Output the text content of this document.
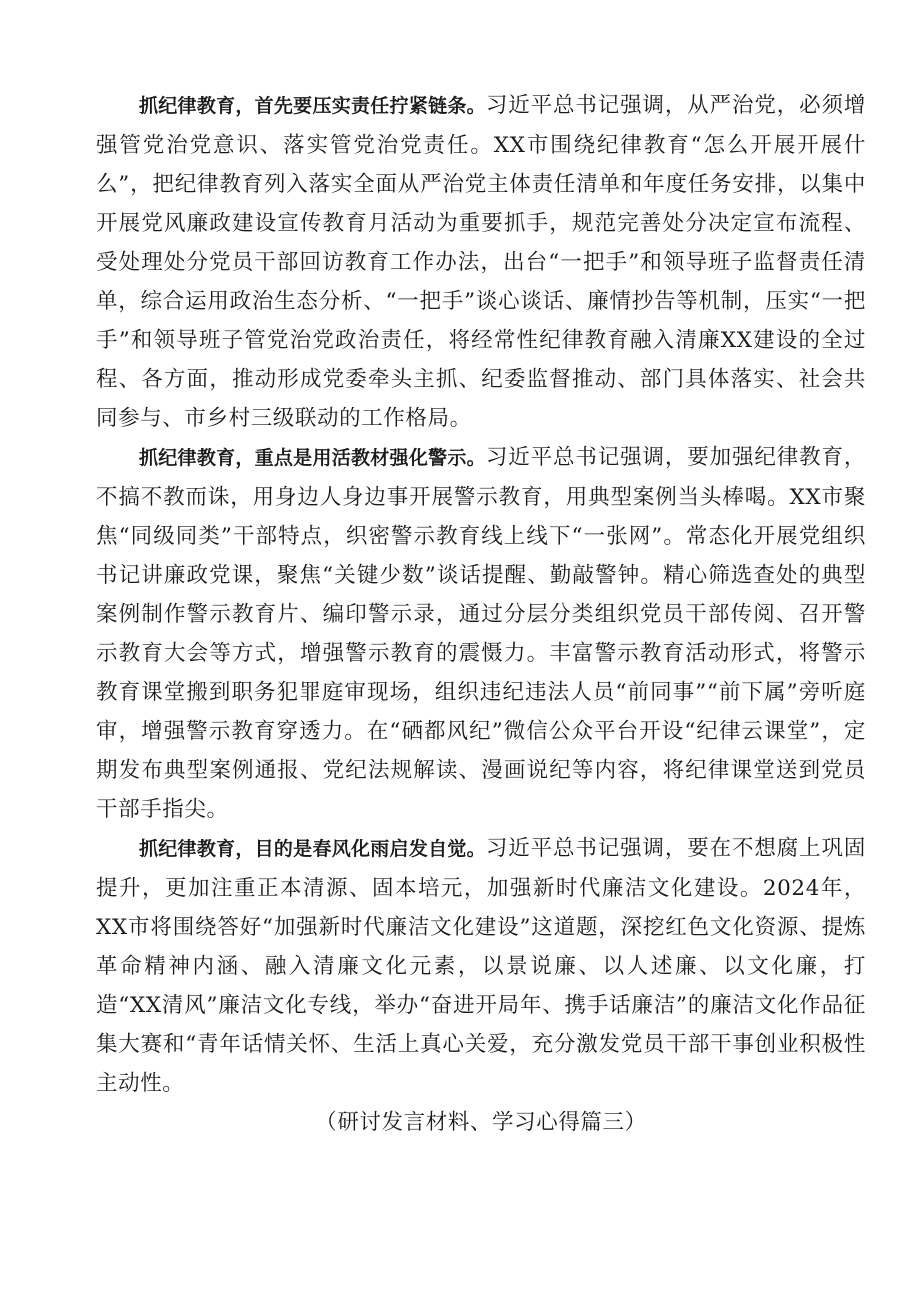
抓纪律教育，首先要压实责任拧紧链条。习近平总书记强调，从严治党，必须增强管党治党意识、落实管党治党责任。XX市围绕纪律教育“怎么开展开展什么”，把纪律教育列入落实全面从严治党主体责任清单和年度任务安排，以集中开展党风廉政建设宣传教育月活动为重要抓手，规范完善处分决定宣布流程、受处理处分党员干部回访教育工作办法，出台“一把手”和领导班子监督责任清单，综合运用政治生态分析、“一把手”谈心谈话、廉情抄告等机制，压实“一把手”和领导班子管党治党政治责任，将经常性纪律教育融入清廉XX建设的全过程、各方面，推动形成党委牵头主抓、纪委监督推动、部门具体落实、社会共同参与、市乡村三级联动的工作格局。

抓纪律教育，重点是用活教材强化警示。习近平总书记强调，要加强纪律教育，不搞不教而诛，用身边人身边事开展警示教育，用典型案例当头棒喝。XX市聚焦“同级同类”干部特点，织密警示教育线上线下“一张网”。常态化开展党组织书记讲廉政党课，聚焦“关键少数”谈话提醒、勤敲警钟。精心筛选查处的典型案例制作警示教育片、编印警示录，通过分层分类组织党员干部传阅、召开警示教育大会等方式，增强警示教育的震慑力。丰富警示教育活动形式，将警示教育课堂搬到职务犯罪庭审现场，组织违纪违法人员“前同事”“前下属”旁听庭审，增强警示教育穿透力。在“硒都风纪”微信公众平台开设“纪律云课堂”，定期发布典型案例通报、党纪法规解读、漫画说纪等内容，将纪律课堂送到党员干部手指尖。

抓纪律教育，目的是春风化雨启发自觉。习近平总书记强调，要在不想腐上巩固提升，更加注重正本清源、固本培元，加强新时代廉洁文化建设。2024年，XX市将围绕答好“加强新时代廉洁文化建设”这道题，深挖红色文化资源、提炼革命精神内涵、融入清廉文化元素，以景说廉、以人述廉、以文化廉，打造“XX清风”廉洁文化专线，举办“奋进开局年、携手话廉洁”的廉洁文化作品征集大赛和“青年话情关怀、生活上真心关爱，充分激发党员干部干事创业积极性主动性。

（研讨发言材料、学习心得篇三）
